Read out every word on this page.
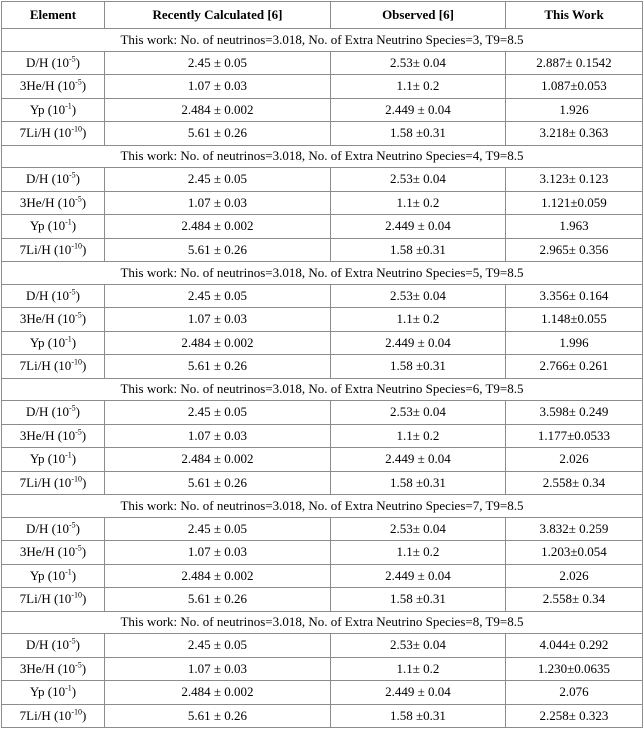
Element	Recently Calculated [6]	Observed [6]	This Work
This work: No. of neutrinos=3.018, No. of Extra Neutrino Species=3, T9=8.5			
D/H $(10^{-5})$	2.45 ± 0.05	2.53± 0.04	2.887± 0.1542
3He/H $(10^{-5})$	1.07 ± 0.03	1.1± 0.2	1.087±0.053
Yp $(10^{-1})$	2.484 ± 0.002	2.449 ± 0.04	1.926
7Li/H $(10^{-10})$	5.61 ± 0.26	1.58 ±0.31	3.218± 0.363
This work: No. of neutrinos=3.018, No. of Extra Neutrino Species=4, T9=8.5			
D/H $(10^{-5})$	2.45 ± 0.05	2.53± 0.04	3.123± 0.123
3He/H $(10^{-5})$	1.07 ± 0.03	1.1± 0.2	1.121±0.059
Yp $(10^{-1})$	2.484 ± 0.002	2.449 ± 0.04	1.963
7Li/H $(10^{-10})$	5.61 ± 0.26	1.58 ±0.31	2.965± 0.356
This work: No. of neutrinos=3.018, No. of Extra Neutrino Species=5, T9=8.5			
D/H $(10^{-5})$	2.45 ± 0.05	2.53± 0.04	3.356± 0.164
3He/H $(10^{-5})$	1.07 ± 0.03	1.1± 0.2	1.148±0.055
Yp $(10^{-1})$	2.484 ± 0.002	2.449 ± 0.04	1.996
7Li/H $(10^{-10})$	5.61 ± 0.26	1.58 ±0.31	2.766± 0.261
This work: No. of neutrinos=3.018, No. of Extra Neutrino Species=6, T9=8.5			
D/H $(10^{-5})$	2.45 ± 0.05	2.53± 0.04	3.598± 0.249
3He/H $(10^{-5})$	1.07 ± 0.03	1.1± 0.2	1.177±0.0533
Yp $(10^{-1})$	2.484 ± 0.002	2.449 ± 0.04	2.026
7Li/H $(10^{-10})$	5.61 ± 0.26	1.58 ±0.31	2.558± 0.34
This work: No. of neutrinos=3.018, No. of Extra Neutrino Species=7, T9=8.5			
D/H $(10^{-5})$	2.45 ± 0.05	2.53± 0.04	3.832± 0.259
3He/H $(10^{-5})$	1.07 ± 0.03	1.1± 0.2	1.203±0.054
Yp $(10^{-1})$	2.484 ± 0.002	2.449 ± 0.04	2.026
7Li/H $(10^{-10})$	5.61 ± 0.26	1.58 ±0.31	2.558± 0.34
This work: No. of neutrinos=3.018, No. of Extra Neutrino Species=8, T9=8.5			
D/H $(10^{-5})$	2.45 ± 0.05	2.53± 0.04	4.044± 0.292
3He/H $(10^{-5})$	1.07 ± 0.03	1.1± 0.2	1.230±0.0635
Yp $(10^{-1})$	2.484 ± 0.002	2.449 ± 0.04	2.076
7Li/H $(10^{-10})$	5.61 ± 0.26	1.58 ±0.31	2.258± 0.323
